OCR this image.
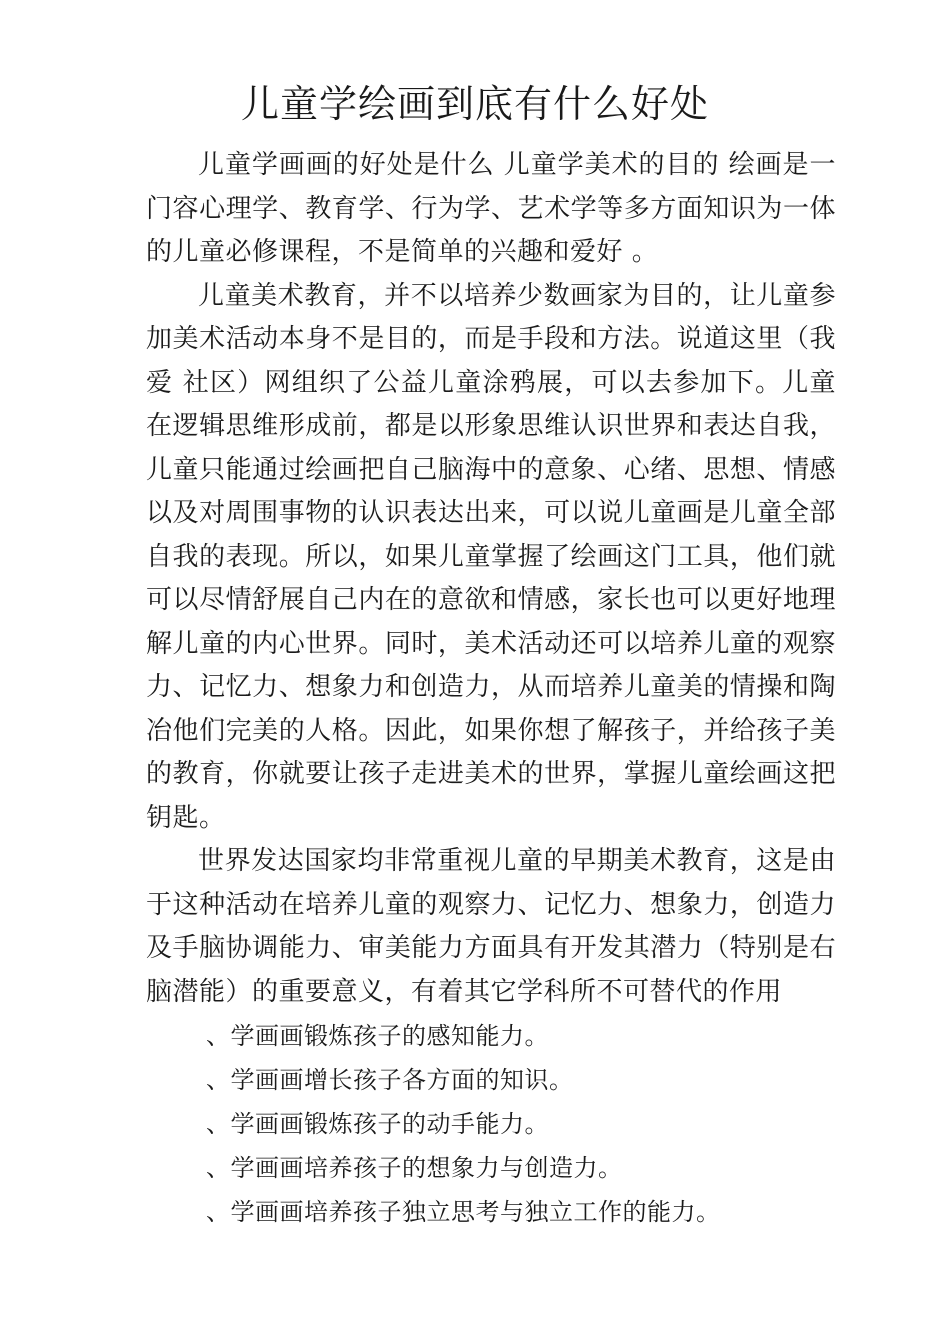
儿童学绘画到底有什么好处

儿童学画画的好处是什么 儿童学美术的目的 绘画是一门容心理学、教育学、行为学、艺术学等多方面知识为一体的儿童必修课程，不是简单的兴趣和爱好 。

儿童美术教育，并不以培养少数画家为目的，让儿童参加美术活动本身不是目的，而是手段和方法。说道这里（我爱 社区）网组织了公益儿童涂鸦展，可以去参加下。儿童在逻辑思维形成前，都是以形象思维认识世界和表达自我，儿童只能通过绘画把自己脑海中的意象、心绪、思想、情感以及对周围事物的认识表达出来，可以说儿童画是儿童全部自我的表现。所以，如果儿童掌握了绘画这门工具，他们就可以尽情舒展自己内在的意欲和情感，家长也可以更好地理解儿童的内心世界。同时，美术活动还可以培养儿童的观察力、记忆力、想象力和创造力，从而培养儿童美的情操和陶冶他们完美的人格。因此，如果你想了解孩子，并给孩子美的教育，你就要让孩子走进美术的世界，掌握儿童绘画这把钥匙。

世界发达国家均非常重视儿童的早期美术教育，这是由于这种活动在培养儿童的观察力、记忆力、想象力，创造力及手脑协调能力、审美能力方面具有开发其潜力（特别是右脑潜能）的重要意义，有着其它学科所不可替代的作用

、学画画锻炼孩子的感知能力。
、学画画增长孩子各方面的知识。
、学画画锻炼孩子的动手能力。
、学画画培养孩子的想象力与创造力。
、学画画培养孩子独立思考与独立工作的能力。
